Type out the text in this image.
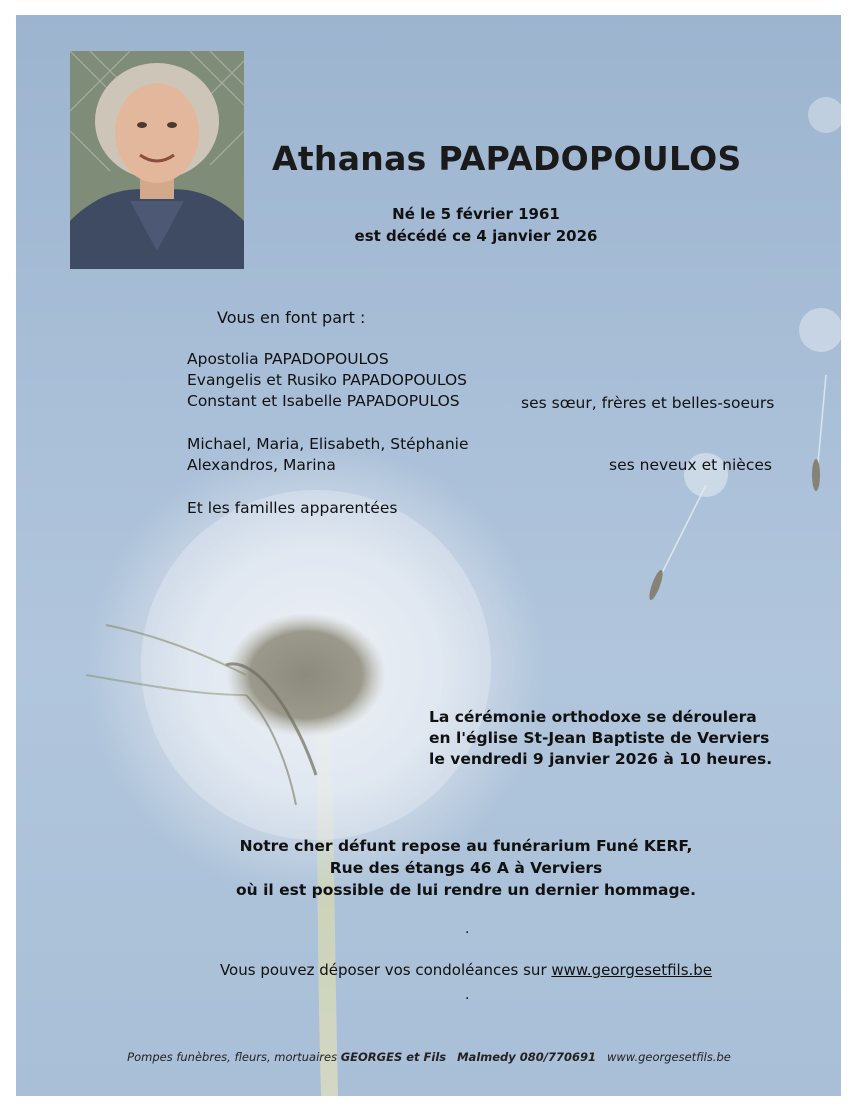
Athanas PAPADOPOULOS
Né le 5 février 1961
est décédé ce 4 janvier 2026
Vous en font part :
Apostolia PAPADOPOULOS
Evangelis et Rusiko PAPADOPOULOS
Constant et Isabelle PAPADOPULOS	ses sœur, frères et belles-soeurs
Michael, Maria, Elisabeth, Stéphanie
Alexandros, Marina	ses neveux et nièces
Et les familles apparentées
La cérémonie orthodoxe se déroulera
en l'église St-Jean Baptiste de Verviers
le vendredi 9 janvier 2026 à 10 heures.
Notre cher défunt repose au funérarium Funé KERF,
Rue des étangs 46 A à Verviers
où il est possible de lui rendre un dernier hommage.
.
Vous pouvez déposer vos condoléances sur www.georgesetfils.be
.
Pompes funèbres, fleurs, mortuaires GEORGES et Fils Malmedy 080/770691 www.georgesetfils.be
